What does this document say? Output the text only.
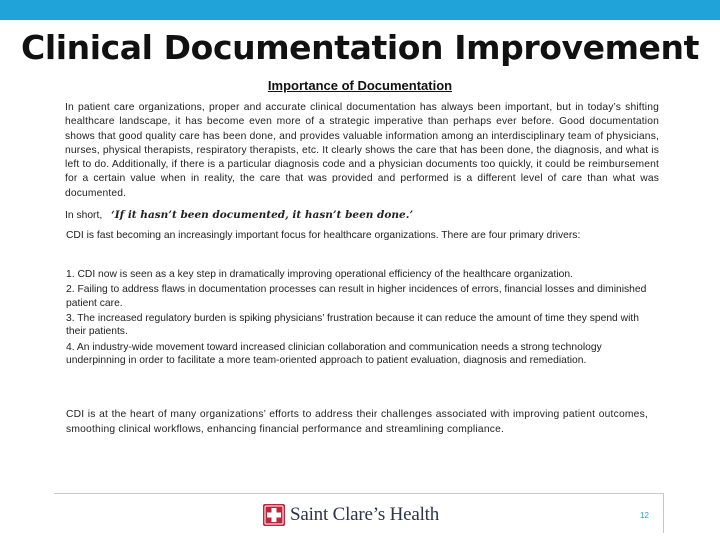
Clinical Documentation Improvement
Importance of Documentation
In patient care organizations, proper and accurate clinical documentation has always been important, but in today’s shifting healthcare landscape, it has become even more of a strategic imperative than perhaps ever before. Good documentation shows that good quality care has been done, and provides valuable information among an interdisciplinary team of physicians, nurses, physical therapists, respiratory therapists, etc. It clearly shows the care that has been done, the diagnosis, and what is left to do. Additionally, if there is a particular diagnosis code and a physician documents too quickly, it could be reimbursement for a certain value when in reality, the care that was provided and performed is a different level of care than what was documented.
In short, ‘If it hasn’t been documented, it hasn’t been done.’
CDI is fast becoming an increasingly important focus for healthcare organizations. There are four primary drivers:
1. CDI now is seen as a key step in dramatically improving operational efficiency of the healthcare organization.
2. Failing to address flaws in documentation processes can result in higher incidences of errors, financial losses and diminished patient care.
3. The increased regulatory burden is spiking physicians’ frustration because it can reduce the amount of time they spend with their patients.
4. An industry-wide movement toward increased clinician collaboration and communication needs a strong technology underpinning in order to facilitate a more team-oriented approach to patient evaluation, diagnosis and remediation.
CDI is at the heart of many organizations’ efforts to address their challenges associated with improving patient outcomes, smoothing clinical workflows, enhancing financial performance and streamlining compliance.
Saint Clare’s Health	12
